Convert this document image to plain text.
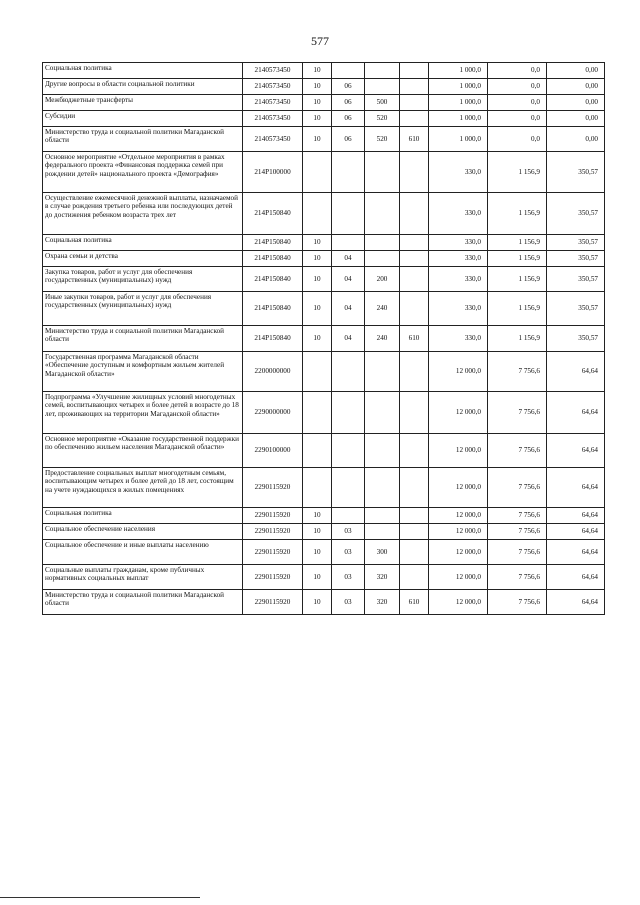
577
Социальная политика	2140573450	10				1 000,0	0,0	0,00
Другие вопросы в области социальной политики	2140573450	10	06			1 000,0	0,0	0,00
Межбюджетные трансферты	2140573450	10	06	500		1 000,0	0,0	0,00
Субсидии	2140573450	10	06	520		1 000,0	0,0	0,00
Министерство труда и социальной политики Магаданской области	2140573450	10	06	520	610	1 000,0	0,0	0,00
Основное мероприятие «Отдельное мероприятия в рамках федерального проекта «Финансовая поддержка семей при рождении детей» национального проекта «Демография»	214Р100000					330,0	1 156,9	350,57
Осуществление ежемесячной денежной выплаты, назначаемой в случае рождения третьего ребенка или последующих детей до достижения ребенком возраста трех лет	214Р150840					330,0	1 156,9	350,57
Социальная политика	214Р150840	10				330,0	1 156,9	350,57
Охрана семьи и детства	214Р150840	10	04			330,0	1 156,9	350,57
Закупка товаров, работ и услуг для обеспечения государственных (муниципальных) нужд	214Р150840	10	04	200		330,0	1 156,9	350,57
Иные закупки товаров, работ и услуг для обеспечения государственных (муниципальных) нужд	214Р150840	10	04	240		330,0	1 156,9	350,57
Министерство труда и социальной политики Магаданской области	214Р150840	10	04	240	610	330,0	1 156,9	350,57
Государственная программа Магаданской области «Обеспечение доступным и комфортным жильем жителей Магаданской области»	2200000000					12 000,0	7 756,6	64,64
Подпрограмма «Улучшение жилищных условий многодетных семей, воспитывающих четырех и более детей в возрасте до 18 лет, проживающих на территории Магаданской области»	2290000000					12 000,0	7 756,6	64,64
Основное мероприятие «Оказание государственной поддержки по обеспечению жильем населения Магаданской области»	2290100000					12 000,0	7 756,6	64,64
Предоставление социальных выплат многодетным семьям, воспитывающим четырех и более детей до 18 лет, состоящим на учете нуждающихся в жилых помещениях	2290115920					12 000,0	7 756,6	64,64
Социальная политика	2290115920	10				12 000,0	7 756,6	64,64
Социальное обеспечение населения	2290115920	10	03			12 000,0	7 756,6	64,64
Социальное обеспечение и иные выплаты населению	2290115920	10	03	300		12 000,0	7 756,6	64,64
Социальные выплаты гражданам, кроме публичных нормативных социальных выплат	2290115920	10	03	320		12 000,0	7 756,6	64,64
Министерство труда и социальной политики Магаданской области	2290115920	10	03	320	610	12 000,0	7 756,6	64,64
